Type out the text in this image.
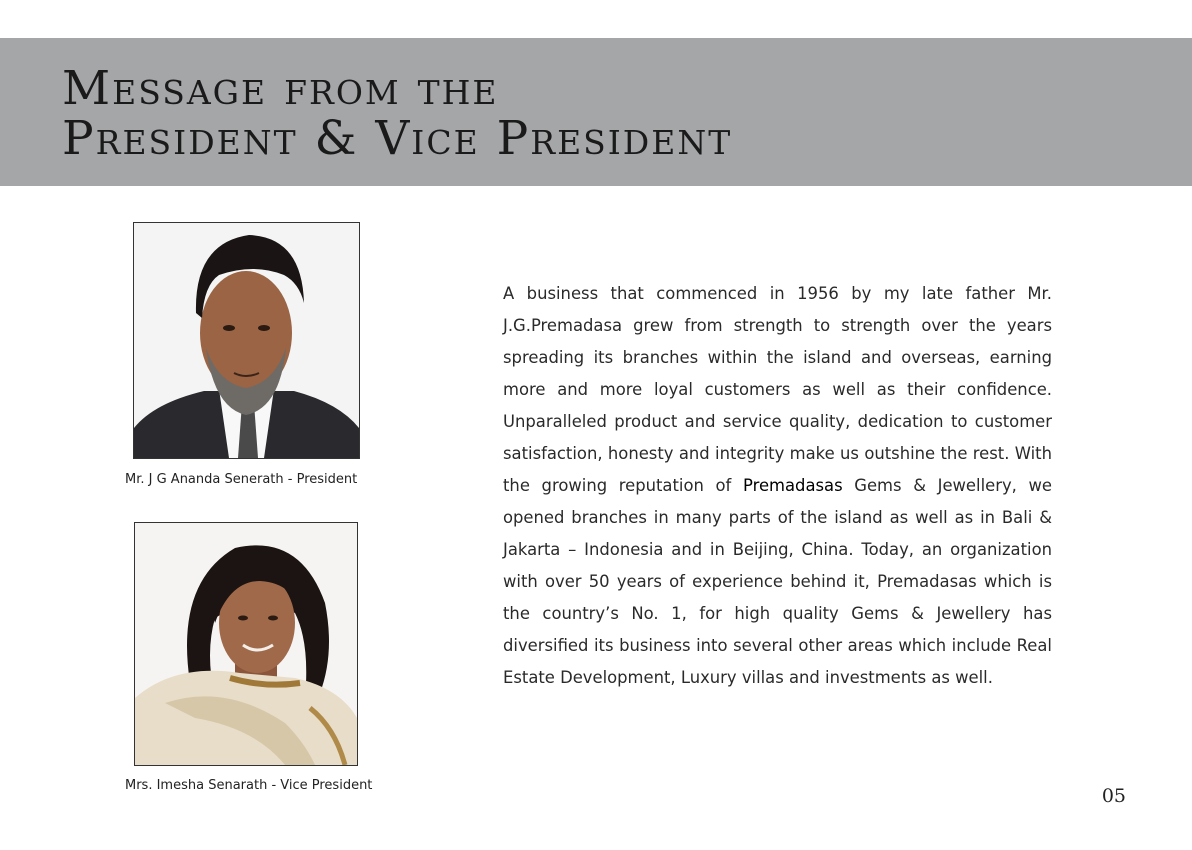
Message from the
President & Vice President
Mr. J G Ananda Senerath - President
Mrs. Imesha Senarath - Vice President

A business that commenced in 1956 by my late father Mr. J.G.Premadasa grew from strength to strength over the years spreading its branches within the island and overseas, earning more and more loyal customers as well as their confidence. Unparalleled product and service quality, dedication to customer satisfaction, honesty and integrity make us outshine the rest. With the growing reputation of Premadasas Gems & Jewellery, we opened branches in many parts of the island as well as in Bali & Jakarta – Indonesia and in Beijing, China. Today, an organization with over 50 years of experience behind it, Premadasas which is the country’s No. 1, for high quality Gems & Jewellery has diversified its business into several other areas which include Real Estate Development, Luxury villas and investments as well.

05
